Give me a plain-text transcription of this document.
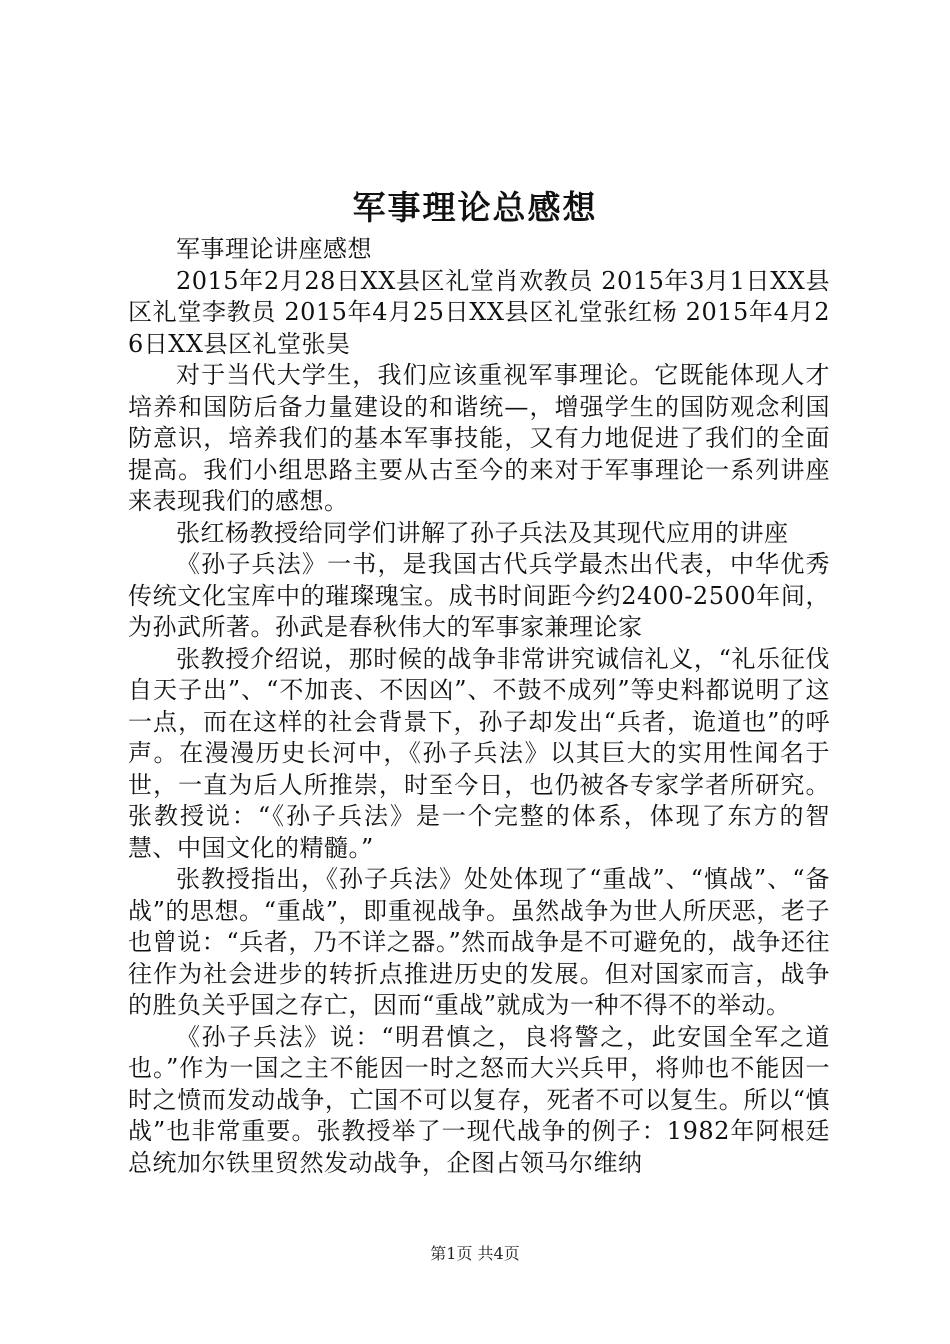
军事理论总感想

军事理论讲座感想

2015年2月28日XX县区礼堂肖欢教员 2015年3月1日XX县区礼堂李教员 2015年4月25日XX县区礼堂张红杨 2015年4月26日XX县区礼堂张昊

对于当代大学生，我们应该重视军事理论。它既能体现人才培养和国防后备力量建设的和谐统—，增强学生的国防观念利国防意识，培养我们的基本军事技能，又有力地促进了我们的全面提高。我们小组思路主要从古至今的来对于军事理论一系列讲座来表现我们的感想。

张红杨教授给同学们讲解了孙子兵法及其现代应用的讲座

《孙子兵法》一书，是我国古代兵学最杰出代表，中华优秀传统文化宝库中的璀璨瑰宝。成书时间距今约2400-2500年间，为孙武所著。孙武是春秋伟大的军事家兼理论家

张教授介绍说，那时候的战争非常讲究诚信礼义，“礼乐征伐自天子出”、“不加丧、不因凶”、不鼓不成列”等史料都说明了这一点，而在这样的社会背景下，孙子却发出“兵者，诡道也”的呼声。在漫漫历史长河中，《孙子兵法》以其巨大的实用性闻名于世，一直为后人所推崇，时至今日，也仍被各专家学者所研究。张教授说：“《孙子兵法》是一个完整的体系，体现了东方的智慧、中国文化的精髓。”

张教授指出，《孙子兵法》处处体现了“重战”、“慎战”、“备战”的思想。“重战”，即重视战争。虽然战争为世人所厌恶，老子也曾说：“兵者，乃不详之器。”然而战争是不可避免的，战争还往往作为社会进步的转折点推进历史的发展。但对国家而言，战争的胜负关乎国之存亡，因而“重战”就成为一种不得不的举动。

《孙子兵法》说：“明君慎之，良将警之，此安国全军之道也。”作为一国之主不能因一时之怒而大兴兵甲，将帅也不能因一时之愤而发动战争，亡国不可以复存，死者不可以复生。所以“慎战”也非常重要。张教授举了一现代战争的例子：1982年阿根廷总统加尔铁里贸然发动战争，企图占领马尔维纳

第1页 共4页
